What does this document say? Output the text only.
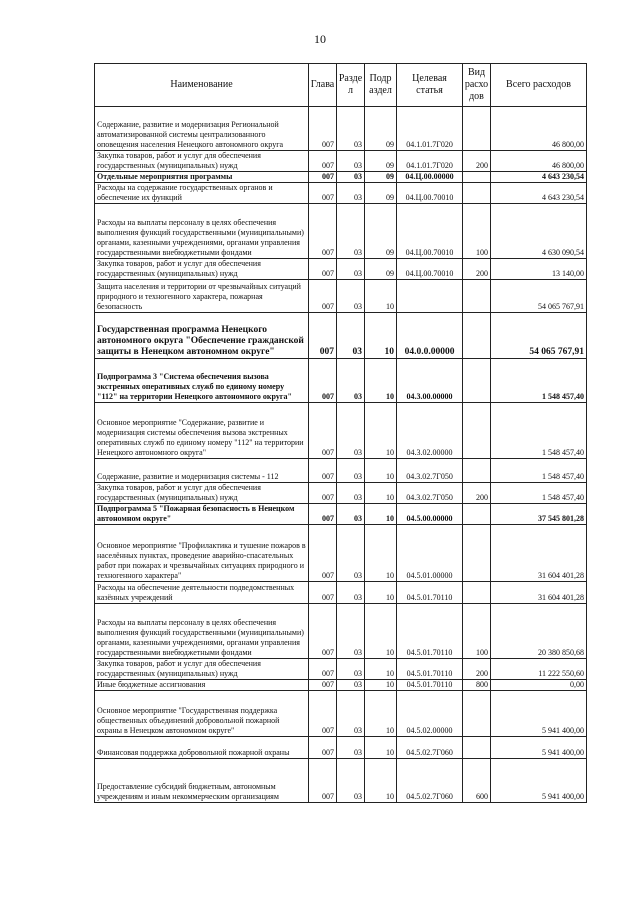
10
Наименование	Глава	Разде л	Подр аздел	Целевая статья	Вид расхо дов	Всего расходов
Содержание, развитие и модернизация Региональной автоматизированной системы централизованного оповещения населения Ненецкого автономного округа	007	03	09	04.1.01.7Г020		46 800,00
Закупка товаров, работ и услуг для обеспечения государственных (муниципальных) нужд	007	03	09	04.1.01.7Г020	200	46 800,00
Отдельные мероприятия программы	007	03	09	04.Ц.00.00000		4 643 230,54
Расходы на содержание государственных органов и обеспечение их функций	007	03	09	04.Ц.00.70010		4 643 230,54
Расходы на выплаты персоналу в целях обеспечения выполнения функций государственными (муниципальными) органами, казенными учреждениями, органами управления государственными внебюджетными фондами	007	03	09	04.Ц.00.70010	100	4 630 090,54
Закупка товаров, работ и услуг для обеспечения государственных (муниципальных) нужд	007	03	09	04.Ц.00.70010	200	13 140,00
Защита населения и территории от чрезвычайных ситуаций природного и техногенного характера, пожарная безопасность	007	03	10			54 065 767,91
Государственная программа Ненецкого автономного округа "Обеспечение гражданской защиты в Ненецком автономном округе"	007	03	10	04.0.0.00000		54 065 767,91
Подпрограмма 3 "Система обеспечения вызова экстренных оперативных служб по единому номеру "112" на территории Ненецкого автономного округа"	007	03	10	04.3.00.00000		1 548 457,40
Основное мероприятие "Содержание, развитие и модернизация системы обеспечения вызова экстренных оперативных служб по единому номеру "112" на территории Ненецкого автономного округа"	007	03	10	04.3.02.00000		1 548 457,40
Содержание, развитие и модернизация системы - 112	007	03	10	04.3.02.7Г050		1 548 457,40
Закупка товаров, работ и услуг для обеспечения государственных (муниципальных) нужд	007	03	10	04.3.02.7Г050	200	1 548 457,40
Подпрограмма 5 "Пожарная безопасность в Ненецком автономном округе"	007	03	10	04.5.00.00000		37 545 801,28
Основное мероприятие "Профилактика и тушение пожаров в населённых пунктах, проведение аварийно-спасательных работ при пожарах и чрезвычайных ситуациях природного и техногенного характера"	007	03	10	04.5.01.00000		31 604 401,28
Расходы на обеспечение деятельности подведомственных казённых учреждений	007	03	10	04.5.01.70110		31 604 401,28
Расходы на выплаты персоналу в целях обеспечения выполнения функций государственными (муниципальными) органами, казенными учреждениями, органами управления государственными внебюджетными фондами	007	03	10	04.5.01.70110	100	20 380 850,68
Закупка товаров, работ и услуг для обеспечения государственных (муниципальных) нужд	007	03	10	04.5.01.70110	200	11 222 550,60
Иные бюджетные ассигнования	007	03	10	04.5.01.70110	800	0,00
Основное мероприятие "Государственная поддержка общественных объединений добровольной пожарной охраны в Ненецком автономном округе"	007	03	10	04.5.02.00000		5 941 400,00
Финансовая поддержка добровольной пожарной охраны	007	03	10	04.5.02.7Г060		5 941 400,00
Предоставление субсидий бюджетным, автономным учреждениям и иным некоммерческим организациям	007	03	10	04.5.02.7Г060	600	5 941 400,00
